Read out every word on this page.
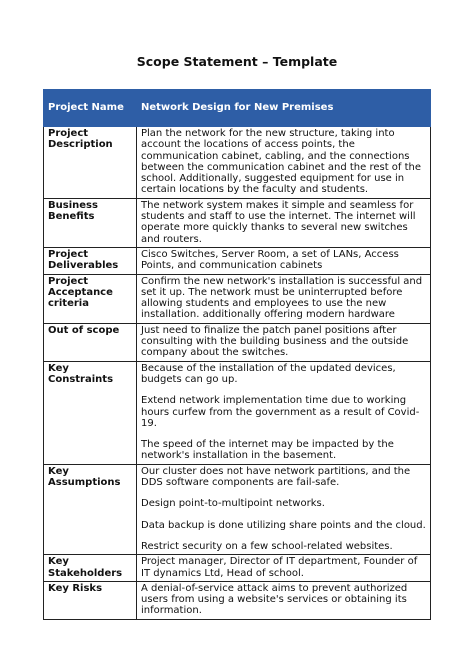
Scope Statement – Template
Project Name	Network Design for New Premises
Project Description	Plan the network for the new structure, taking into account the locations of access points, the communication cabinet, cabling, and the connections between the communication cabinet and the rest of the school. Additionally, suggested equipment for use in certain locations by the faculty and students.

Business Benefits	The network system makes it simple and seamless for students and staff to use the internet. The internet will operate more quickly thanks to several new switches and routers.

Project Deliverables	Cisco Switches, Server Room, a set of LANs, Access Points, and communication cabinets

Project Acceptance criteria	Confirm the new network's installation is successful and set it up. The network must be uninterrupted before allowing students and employees to use the new installation. additionally offering modern hardware

Out of scope	Just need to finalize the patch panel positions after consulting with the building business and the outside company about the switches.

Key Constraints	Because of the installation of the updated devices, budgets can go up.
Extend network implementation time due to working hours curfew from the government as a result of Covid-19.
The speed of the internet may be impacted by the network's installation in the basement.

Key Assumptions	Our cluster does not have network partitions, and the DDS software components are fail-safe.
Design point-to-multipoint networks.
Data backup is done utilizing share points and the cloud.
Restrict security on a few school-related websites.

Key Stakeholders	Project manager, Director of IT department, Founder of IT dynamics Ltd, Head of school.

Key Risks	A denial-of-service attack aims to prevent authorized users from using a website's services or obtaining its information.
